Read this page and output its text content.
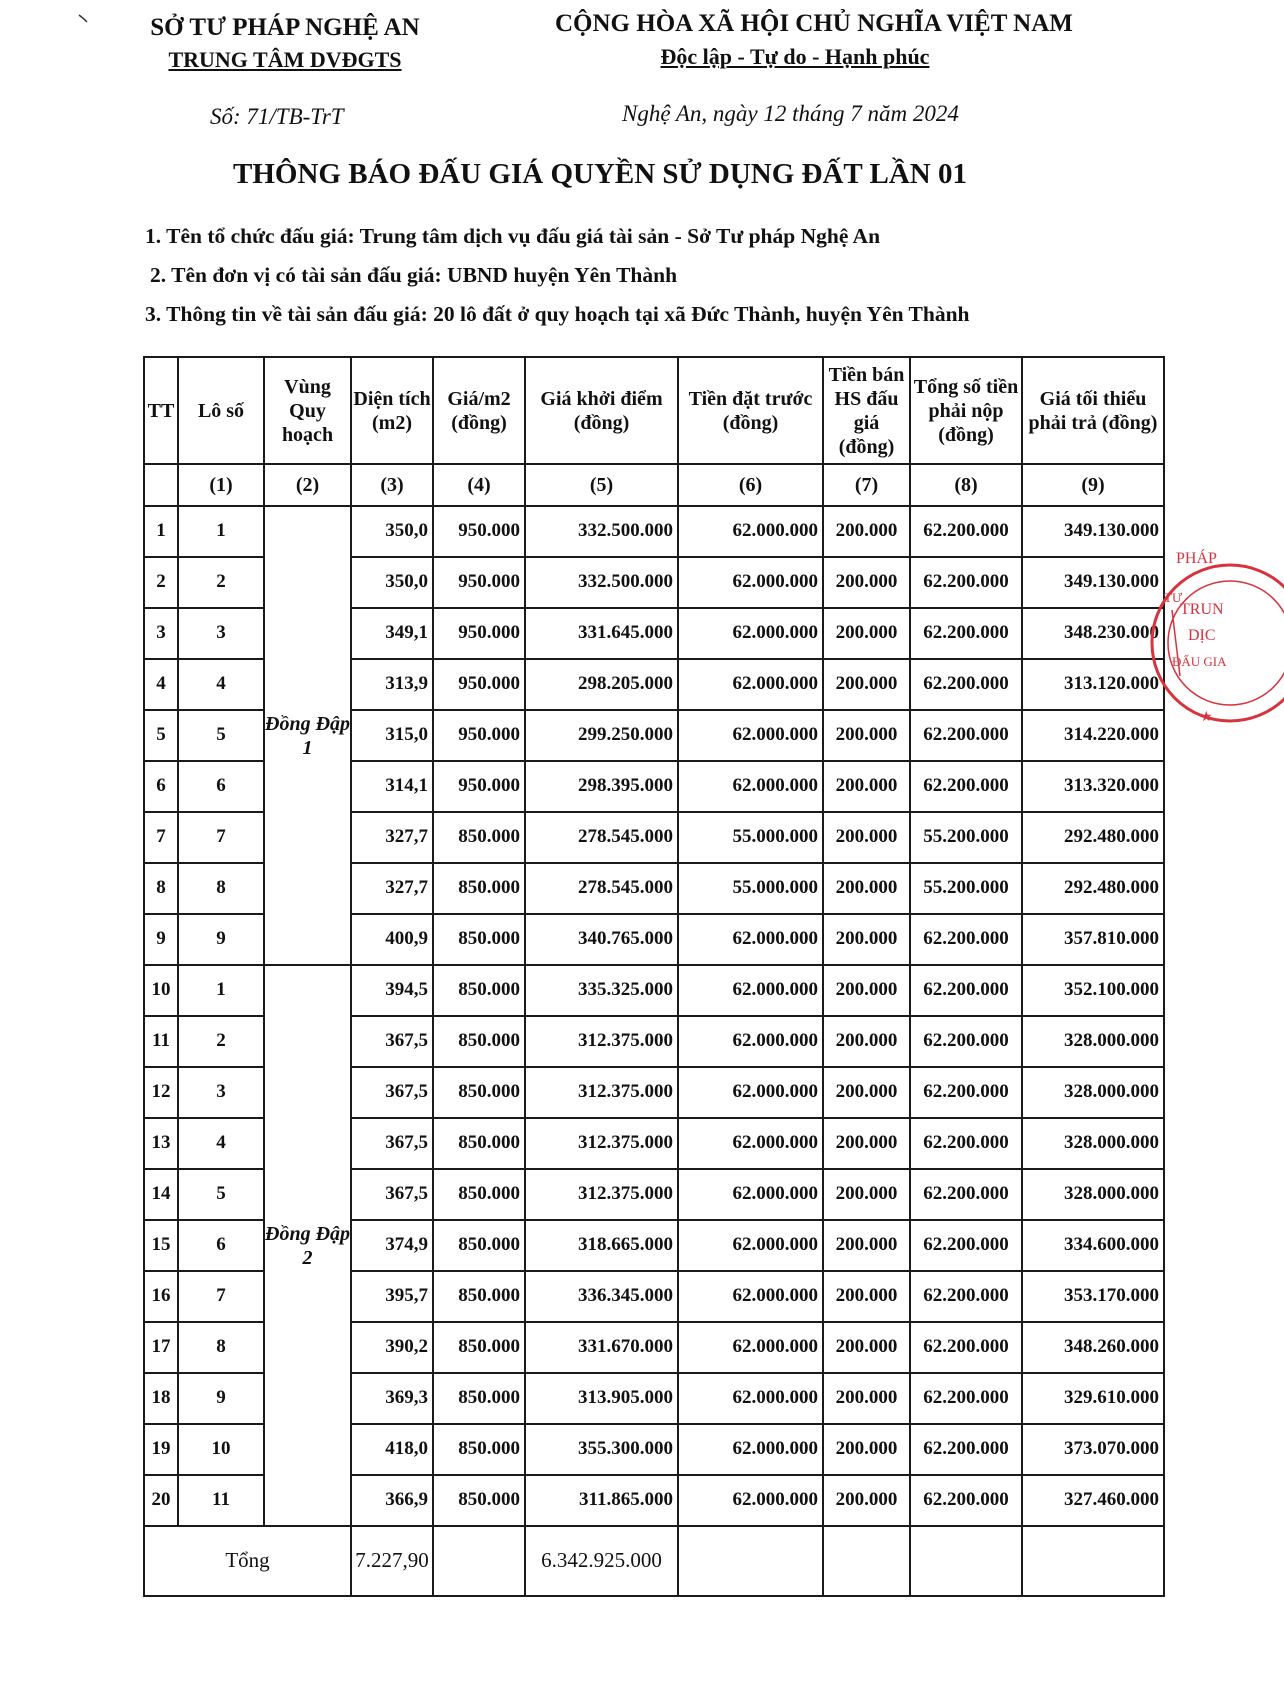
SỞ TƯ PHÁP NGHỆ AN
TRUNG TÂM DVĐGTS
CỘNG HÒA XÃ HỘI CHỦ NGHĨA VIỆT NAM
Độc lập - Tự do - Hạnh phúc
Số: 71/TB-TrT	Nghệ An, ngày 12 tháng 7 năm 2024
THÔNG BÁO ĐẤU GIÁ QUYỀN SỬ DỤNG ĐẤT LẦN 01
1. Tên tổ chức đấu giá: Trung tâm dịch vụ đấu giá tài sản - Sở Tư pháp Nghệ An
2. Tên đơn vị có tài sản đấu giá: UBND huyện Yên Thành
3. Thông tin về tài sản đấu giá: 20 lô đất ở quy hoạch tại xã Đức Thành, huyện Yên Thành
TT	Lô số	Vùng Quy hoạch	Diện tích (m2)	Giá/m2 (đồng)	Giá khởi điểm (đồng)	Tiền đặt trước (đồng)	Tiền bán HS đấu giá (đồng)	Tổng số tiền phải nộp (đồng)	Giá tối thiểu phải trả (đồng)
	(1)	(2)	(3)	(4)	(5)	(6)	(7)	(8)	(9)
1	1	Đồng Đập 1	350,0	950.000	332.500.000	62.000.000	200.000	62.200.000	349.130.000
2	2		350,0	950.000	332.500.000	62.000.000	200.000	62.200.000	349.130.000
3	3		349,1	950.000	331.645.000	62.000.000	200.000	62.200.000	348.230.000
4	4		313,9	950.000	298.205.000	62.000.000	200.000	62.200.000	313.120.000
5	5		315,0	950.000	299.250.000	62.000.000	200.000	62.200.000	314.220.000
6	6		314,1	950.000	298.395.000	62.000.000	200.000	62.200.000	313.320.000
7	7		327,7	850.000	278.545.000	55.000.000	200.000	55.200.000	292.480.000
8	8		327,7	850.000	278.545.000	55.000.000	200.000	55.200.000	292.480.000
9	9		400,9	850.000	340.765.000	62.000.000	200.000	62.200.000	357.810.000
10	1	Đồng Đập 2	394,5	850.000	335.325.000	62.000.000	200.000	62.200.000	352.100.000
11	2		367,5	850.000	312.375.000	62.000.000	200.000	62.200.000	328.000.000
12	3		367,5	850.000	312.375.000	62.000.000	200.000	62.200.000	328.000.000
13	4		367,5	850.000	312.375.000	62.000.000	200.000	62.200.000	328.000.000
14	5		367,5	850.000	312.375.000	62.000.000	200.000	62.200.000	328.000.000
15	6		374,9	850.000	318.665.000	62.000.000	200.000	62.200.000	334.600.000
16	7		395,7	850.000	336.345.000	62.000.000	200.000	62.200.000	353.170.000
17	8		390,2	850.000	331.670.000	62.000.000	200.000	62.200.000	348.260.000
18	9		369,3	850.000	313.905.000	62.000.000	200.000	62.200.000	329.610.000
19	10		418,0	850.000	355.300.000	62.000.000	200.000	62.200.000	373.070.000
20	11		366,9	850.000	311.865.000	62.000.000	200.000	62.200.000	327.460.000
Tổng			7.227,90		6.342.925.000				
PHÁP
TƯ
TRUN
DỊC
ĐẤU GIA
★
